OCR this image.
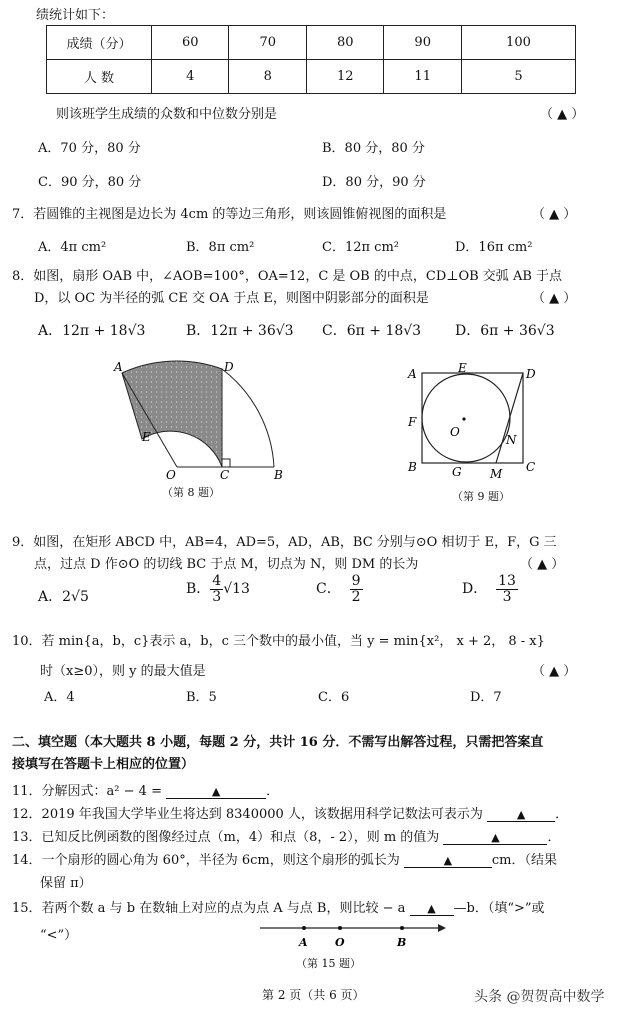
绩统计如下：
成绩（分）	60	70	80	90	100
人 数	4	8	12	11	5
则该班学生成绩的众数和中位数分别是	（ ▲ ）
A．70 分，80 分	B．80 分，80 分
C．90 分，80 分	D．80 分，90 分
7．若圆锥的主视图是边长为 4cm 的等边三角形，则该圆锥俯视图的面积是	（ ▲ ）
A．4π cm²	B．8π cm²	C．12π cm²	D．16π cm²
8．如图，扇形 OAB 中，∠AOB=100°，OA=12，C 是 OB 的中点，CD⊥OB 交弧 AB 于点
D，以 OC 为半径的弧 CE 交 OA 于点 E，则图中阴影部分的面积是	（ ▲ ）
A．12π + 18√3	B．12π + 36√3 C．6π + 18√3 D．6π + 36√3
A	D
E
O	C	B
（第 8 题）
A	E	D
F
O
N
B	G M C
（第 9 题）
9．如图，在矩形 ABCD 中，AB=4，AD=5，AD，AB，BC 分别与⊙O 相切于 E，F，G 三
点，过点 D 作⊙O 的切线 BC 于点 M，切点为 N，则 DM 的长为	（ ▲ ）
A．2√5	B． $\frac{4}{3} √13$	C． $\frac{9}{2}$	D． $\frac{13}{3}$
10．若 min{a，b，c}表示 a，b，c 三个数中的最小值，当 y = min{x²， x + 2， 8 - x}
时（x≥0），则 y 的最大值是	（ ▲ ）
A．4	B．5	C．6	D．7
二、填空题（本大题共 8 小题，每题 2 分，共计 16 分．不需写出解答过程，只需把答案直
接填写在答题卡上相应的位置）
11．分解因式：a² − 4 =	▲	．
12．2019 年我国大学毕业生将达到 8340000 人，该数据用科学记数法可表示为	▲ ．
13．已知反比例函数的图像经过点（m，4）和点（8，- 2），则 m 的值为	▲	．
14．一个扇形的圆心角为 60°，半径为 6cm，则这个扇形的弧长为	▲	cm．（结果
保留 π）
15．若两个数 a 与 b 在数轴上对应的点为点 A 与点 B，则比较 − a ▲ —b．（填“>”或
“<”）	A O	B
（第 15 题）
第 2 页（共 6 页）	头条 @贺贺高中数学
